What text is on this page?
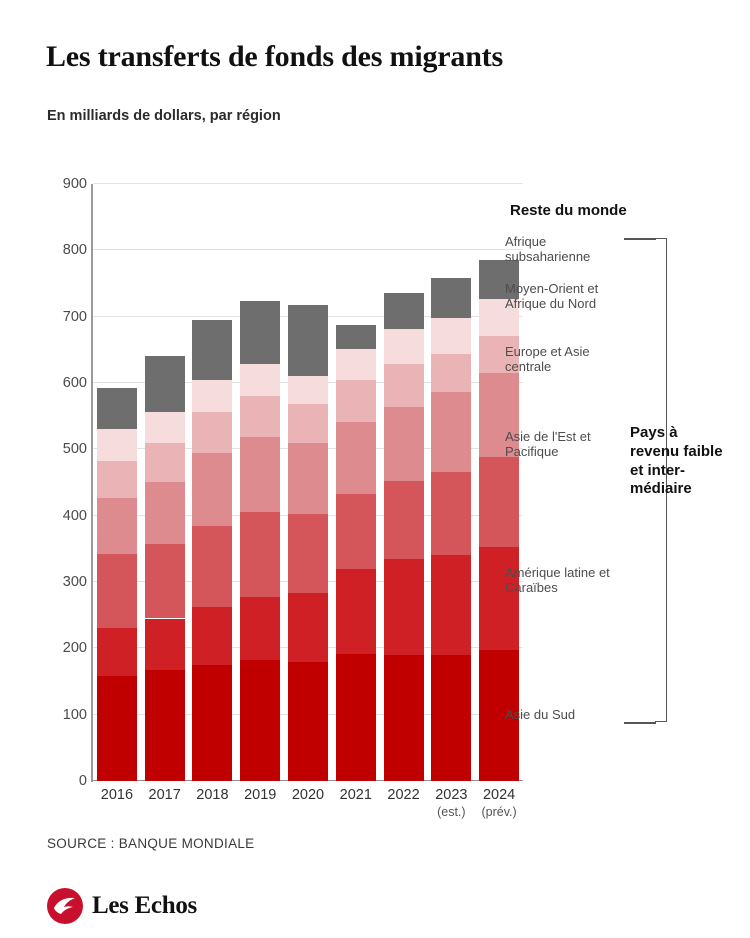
Les transferts de fonds des migrants
En milliards de dollars, par région
0
100
200
300
400
500
600
700
800
900
2016	2017	2018	2019	2020	2021	2022	2023
(est.)
2024
(prév.)
Reste du monde
Afrique subsaharienne
Moyen-Orient et Afrique du Nord
Europe et Asie centrale
Asie de l'Est et Pacifique
Amérique latine et Caraïbes
Asie du Sud
Pays à revenu faible et intermédiaire
SOURCE : BANQUE MONDIALE
Les Echos
